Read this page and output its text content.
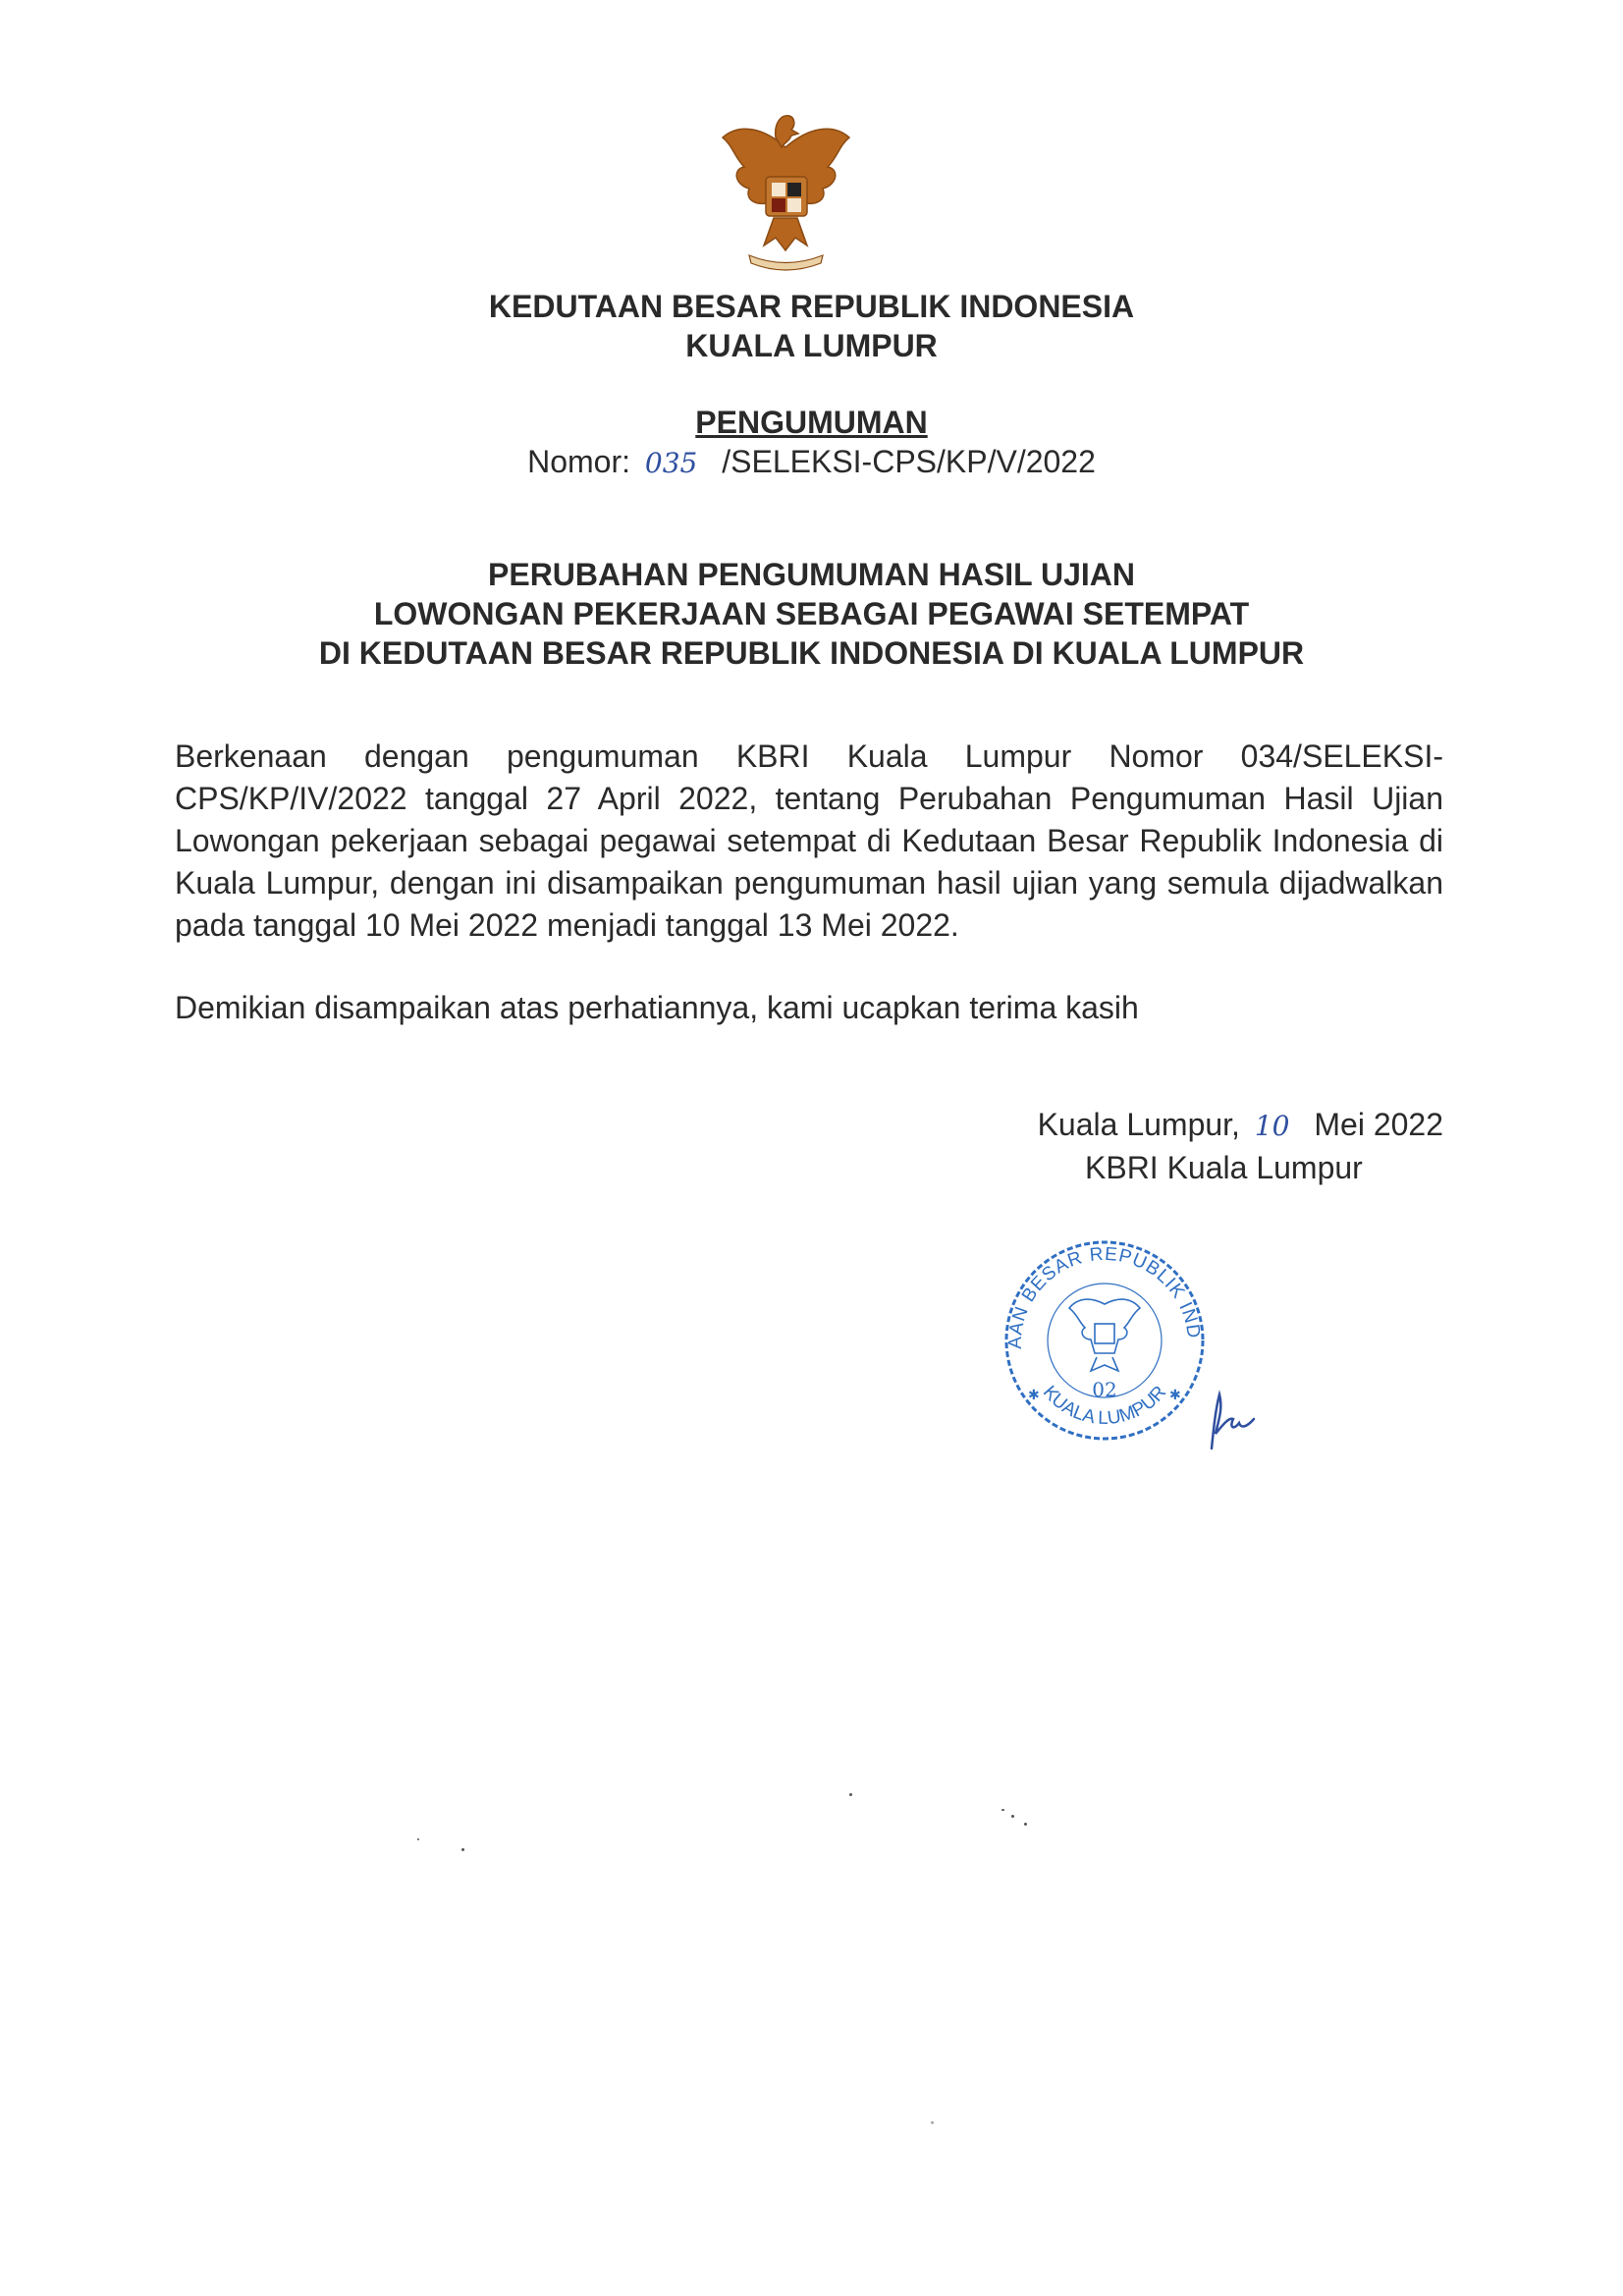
KEDUTAAN BESAR REPUBLIK INDONESIA
KUALA LUMPUR
PENGUMUMAN
Nomor: 035 /SELEKSI-CPS/KP/V/2022
PERUBAHAN PENGUMUMAN HASIL UJIAN
LOWONGAN PEKERJAAN SEBAGAI PEGAWAI SETEMPAT
DI KEDUTAAN BESAR REPUBLIK INDONESIA DI KUALA LUMPUR
Berkenaan dengan pengumuman KBRI Kuala Lumpur Nomor 034/SELEKSI-CPS/KP/IV/2022 tanggal 27 April 2022, tentang Perubahan Pengumuman Hasil Ujian Lowongan pekerjaan sebagai pegawai setempat di Kedutaan Besar Republik Indonesia di Kuala Lumpur, dengan ini disampaikan pengumuman hasil ujian yang semula dijadwalkan pada tanggal 10 Mei 2022 menjadi tanggal 13 Mei 2022.
Demikian disampaikan atas perhatiannya, kami ucapkan terima kasih
Kuala Lumpur, 10 Mei 2022
KBRI Kuala Lumpur
AAN BESAR REPUBLIK IND
KUALA LUMPUR
02
✱	✱
